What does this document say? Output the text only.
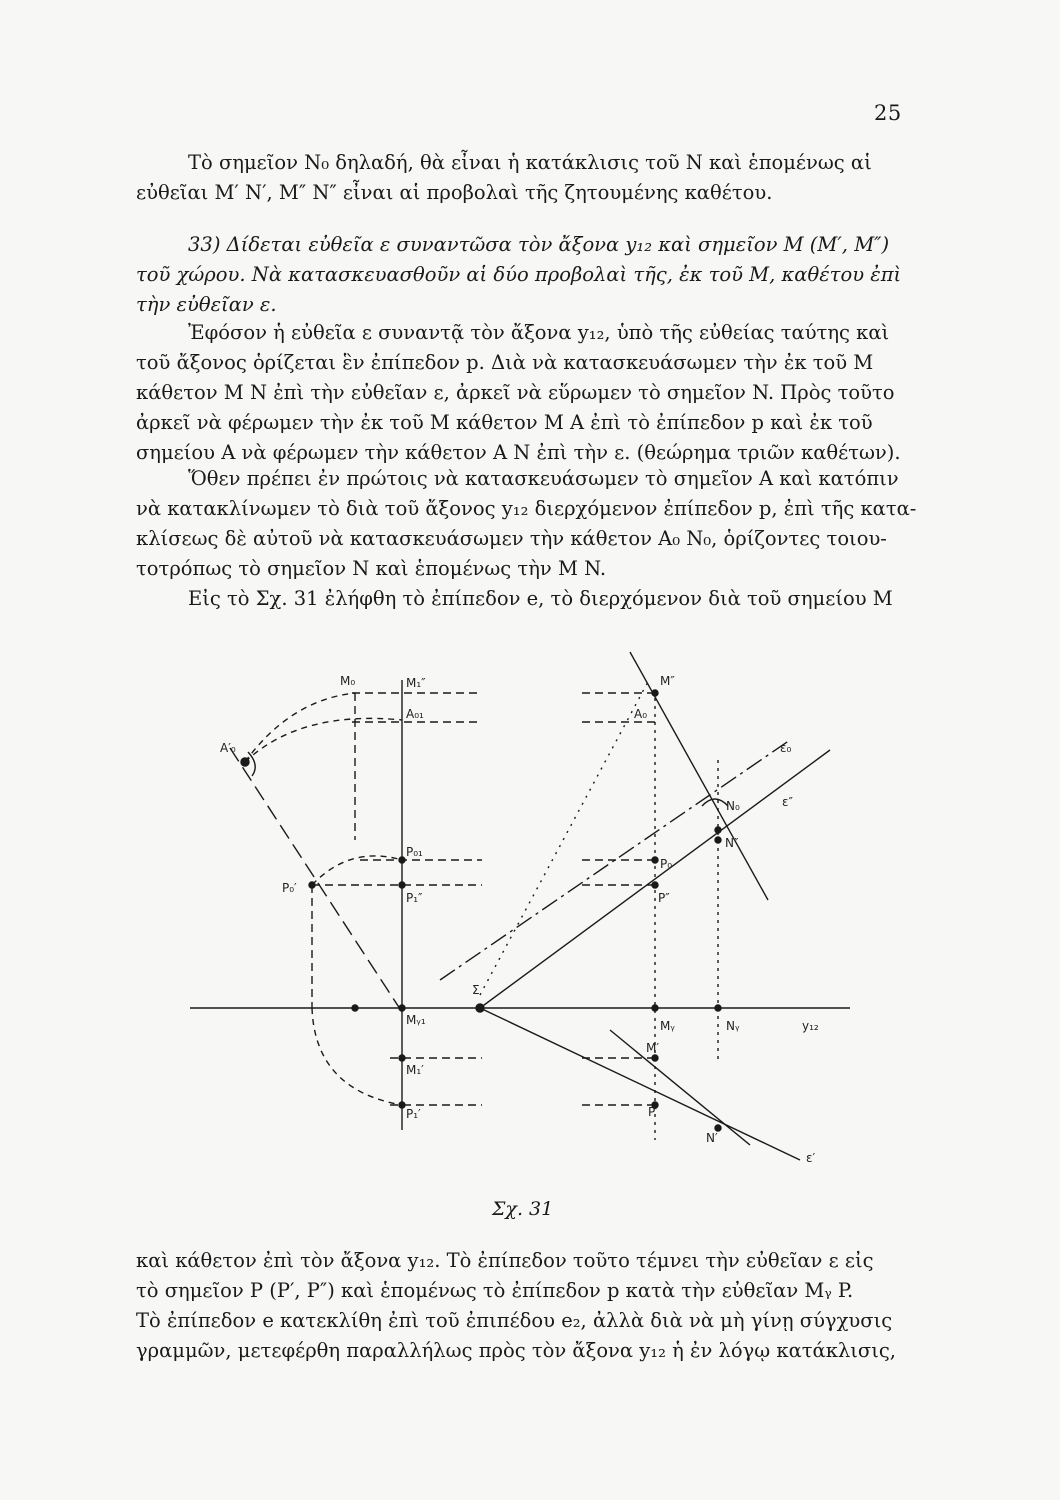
25

Τὸ σημεῖον N₀ δηλαδή, θὰ εἶναι ἡ κατάκλισις τοῦ N καὶ ἑπομένως αἱ
εὐθεῖαι M′ N′, M″ N″ εἶναι αἱ προβολαὶ τῆς ζητουμένης καθέτου.

33) Δίδεται εὐθεῖα ε συναντῶσα τὸν ἄξονα y₁₂ καὶ σημεῖον M (M′, M″)
τοῦ χώρου. Νὰ κατασκευασθοῦν αἱ δύο προβολαὶ τῆς, ἐκ τοῦ M, καθέτου ἐπὶ
τὴν εὐθεῖαν ε.

Ἐφόσον ἡ εὐθεῖα ε συναντᾷ τὸν ἄξονα y₁₂, ὑπὸ τῆς εὐθείας ταύτης καὶ
τοῦ ἄξονος ὁρίζεται ἓν ἐπίπεδον p. Διὰ νὰ κατασκευάσωμεν τὴν ἐκ τοῦ M
κάθετον M N ἐπὶ τὴν εὐθεῖαν ε, ἀρκεῖ νὰ εὕρωμεν τὸ σημεῖον N. Πρὸς τοῦτο
ἀρκεῖ νὰ φέρωμεν τὴν ἐκ τοῦ M κάθετον M A ἐπὶ τὸ ἐπίπεδον p καὶ ἐκ τοῦ
σημείου A νὰ φέρωμεν τὴν κάθετον A N ἐπὶ τὴν ε. (θεώρημα τριῶν καθέτων).

Ὅθεν πρέπει ἐν πρώτοις νὰ κατασκευάσωμεν τὸ σημεῖον A καὶ κατόπιν
νὰ κατακλίνωμεν τὸ διὰ τοῦ ἄξονος y₁₂ διερχόμενον ἐπίπεδον p, ἐπὶ τῆς κατα-
κλίσεως δὲ αὐτοῦ νὰ κατασκευάσωμεν τὴν κάθετον A₀ N₀, ὁρίζοντες τοιου-
τοτρόπως τὸ σημεῖον N καὶ ἑπομένως τὴν M N.

Εἰς τὸ Σχ. 31 ἐλήφθη τὸ ἐπίπεδον e, τὸ διερχόμενον διὰ τοῦ σημείου M

M₀	M₁″
A₀₁
A′₀
P₀₁
P₁″
P₀′
Mᵧ₁
M₁′
P₁′
M″
A₀
ε₀
N₀	ε″
N″
P₀
P″
Σ
Mᵧ	Nᵧ	y₁₂
M′
P′
N′
ε′
Σχ. 31

καὶ κάθετον ἐπὶ τὸν ἄξονα y₁₂. Τὸ ἐπίπεδον τοῦτο τέμνει τὴν εὐθεῖαν ε εἰς
τὸ σημεῖον P (P′, P″) καὶ ἑπομένως τὸ ἐπίπεδον p κατὰ τὴν εὐθεῖαν Mᵧ P.
Τὸ ἐπίπεδον e κατεκλίθη ἐπὶ τοῦ ἐπιπέδου e₂, ἀλλὰ διὰ νὰ μὴ γίνῃ σύγχυσις
γραμμῶν, μετεφέρθη παραλλήλως πρὸς τὸν ἄξονα y₁₂ ἡ ἐν λόγῳ κατάκλισις,
